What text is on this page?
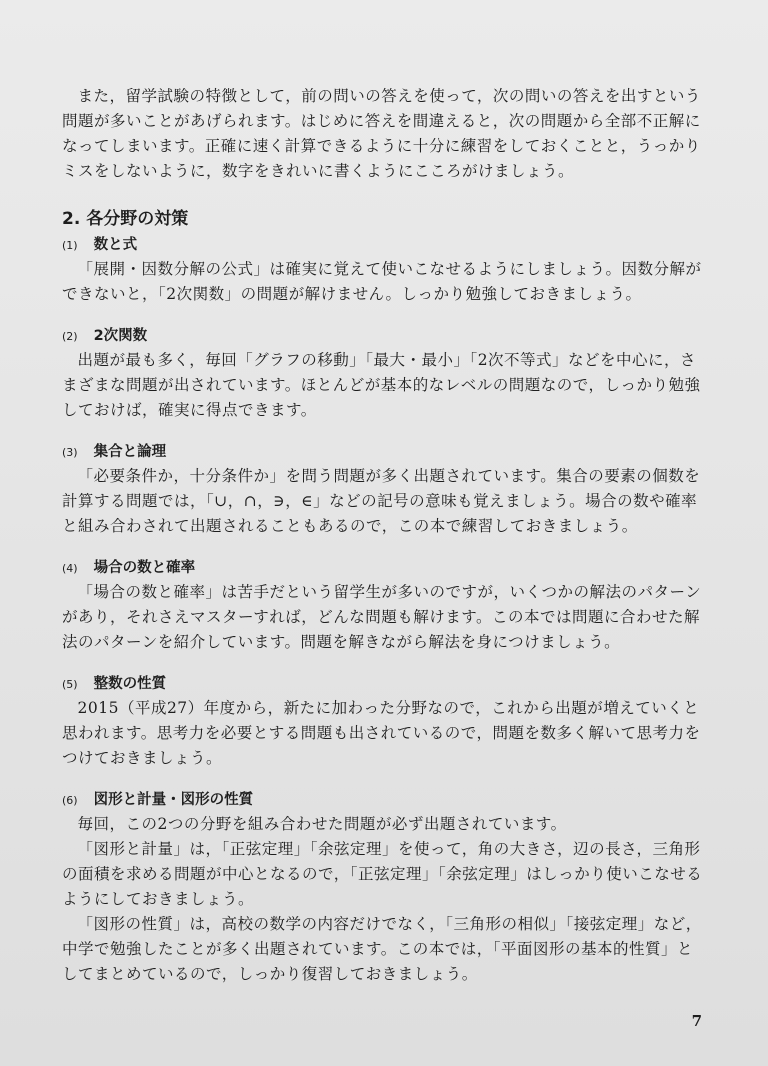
また，留学試験の特徴として，前の問いの答えを使って，次の問いの答えを出すという問題が多いことがあげられます。はじめに答えを間違えると，次の問題から全部不正解になってしまいます。正確に速く計算できるように十分に練習をしておくことと，うっかりミスをしないように，数字をきれいに書くようにこころがけましょう。

2. 各分野の対策
(1) 数と式

「展開・因数分解の公式」は確実に覚えて使いこなせるようにしましょう。因数分解ができないと，「2次関数」の問題が解けません。しっかり勉強しておきましょう。

(2) 2次関数

出題が最も多く，毎回「グラフの移動」「最大・最小」「2次不等式」などを中心に，さまざまな問題が出されています。ほとんどが基本的なレベルの問題なので，しっかり勉強しておけば，確実に得点できます。

(3) 集合と論理

「必要条件か，十分条件か」を問う問題が多く出題されています。集合の要素の個数を計算する問題では，「∪，∩，∋，∈」などの記号の意味も覚えましょう。場合の数や確率と組み合わされて出題されることもあるので，この本で練習しておきましょう。

(4) 場合の数と確率

「場合の数と確率」は苦手だという留学生が多いのですが，いくつかの解法のパターンがあり，それさえマスターすれば，どんな問題も解けます。この本では問題に合わせた解法のパターンを紹介しています。問題を解きながら解法を身につけましょう。

(5) 整数の性質

2015（平成27）年度から，新たに加わった分野なので，これから出題が増えていくと思われます。思考力を必要とする問題も出されているので，問題を数多く解いて思考力をつけておきましょう。

(6) 図形と計量・図形の性質

毎回，この2つの分野を組み合わせた問題が必ず出題されています。

「図形と計量」は，「正弦定理」「余弦定理」を使って，角の大きさ，辺の長さ，三角形の面積を求める問題が中心となるので，「正弦定理」「余弦定理」はしっかり使いこなせるようにしておきましょう。

「図形の性質」は，高校の数学の内容だけでなく，「三角形の相似」「接弦定理」など，中学で勉強したことが多く出題されています。この本では，「平面図形の基本的性質」としてまとめているので，しっかり復習しておきましょう。

7
